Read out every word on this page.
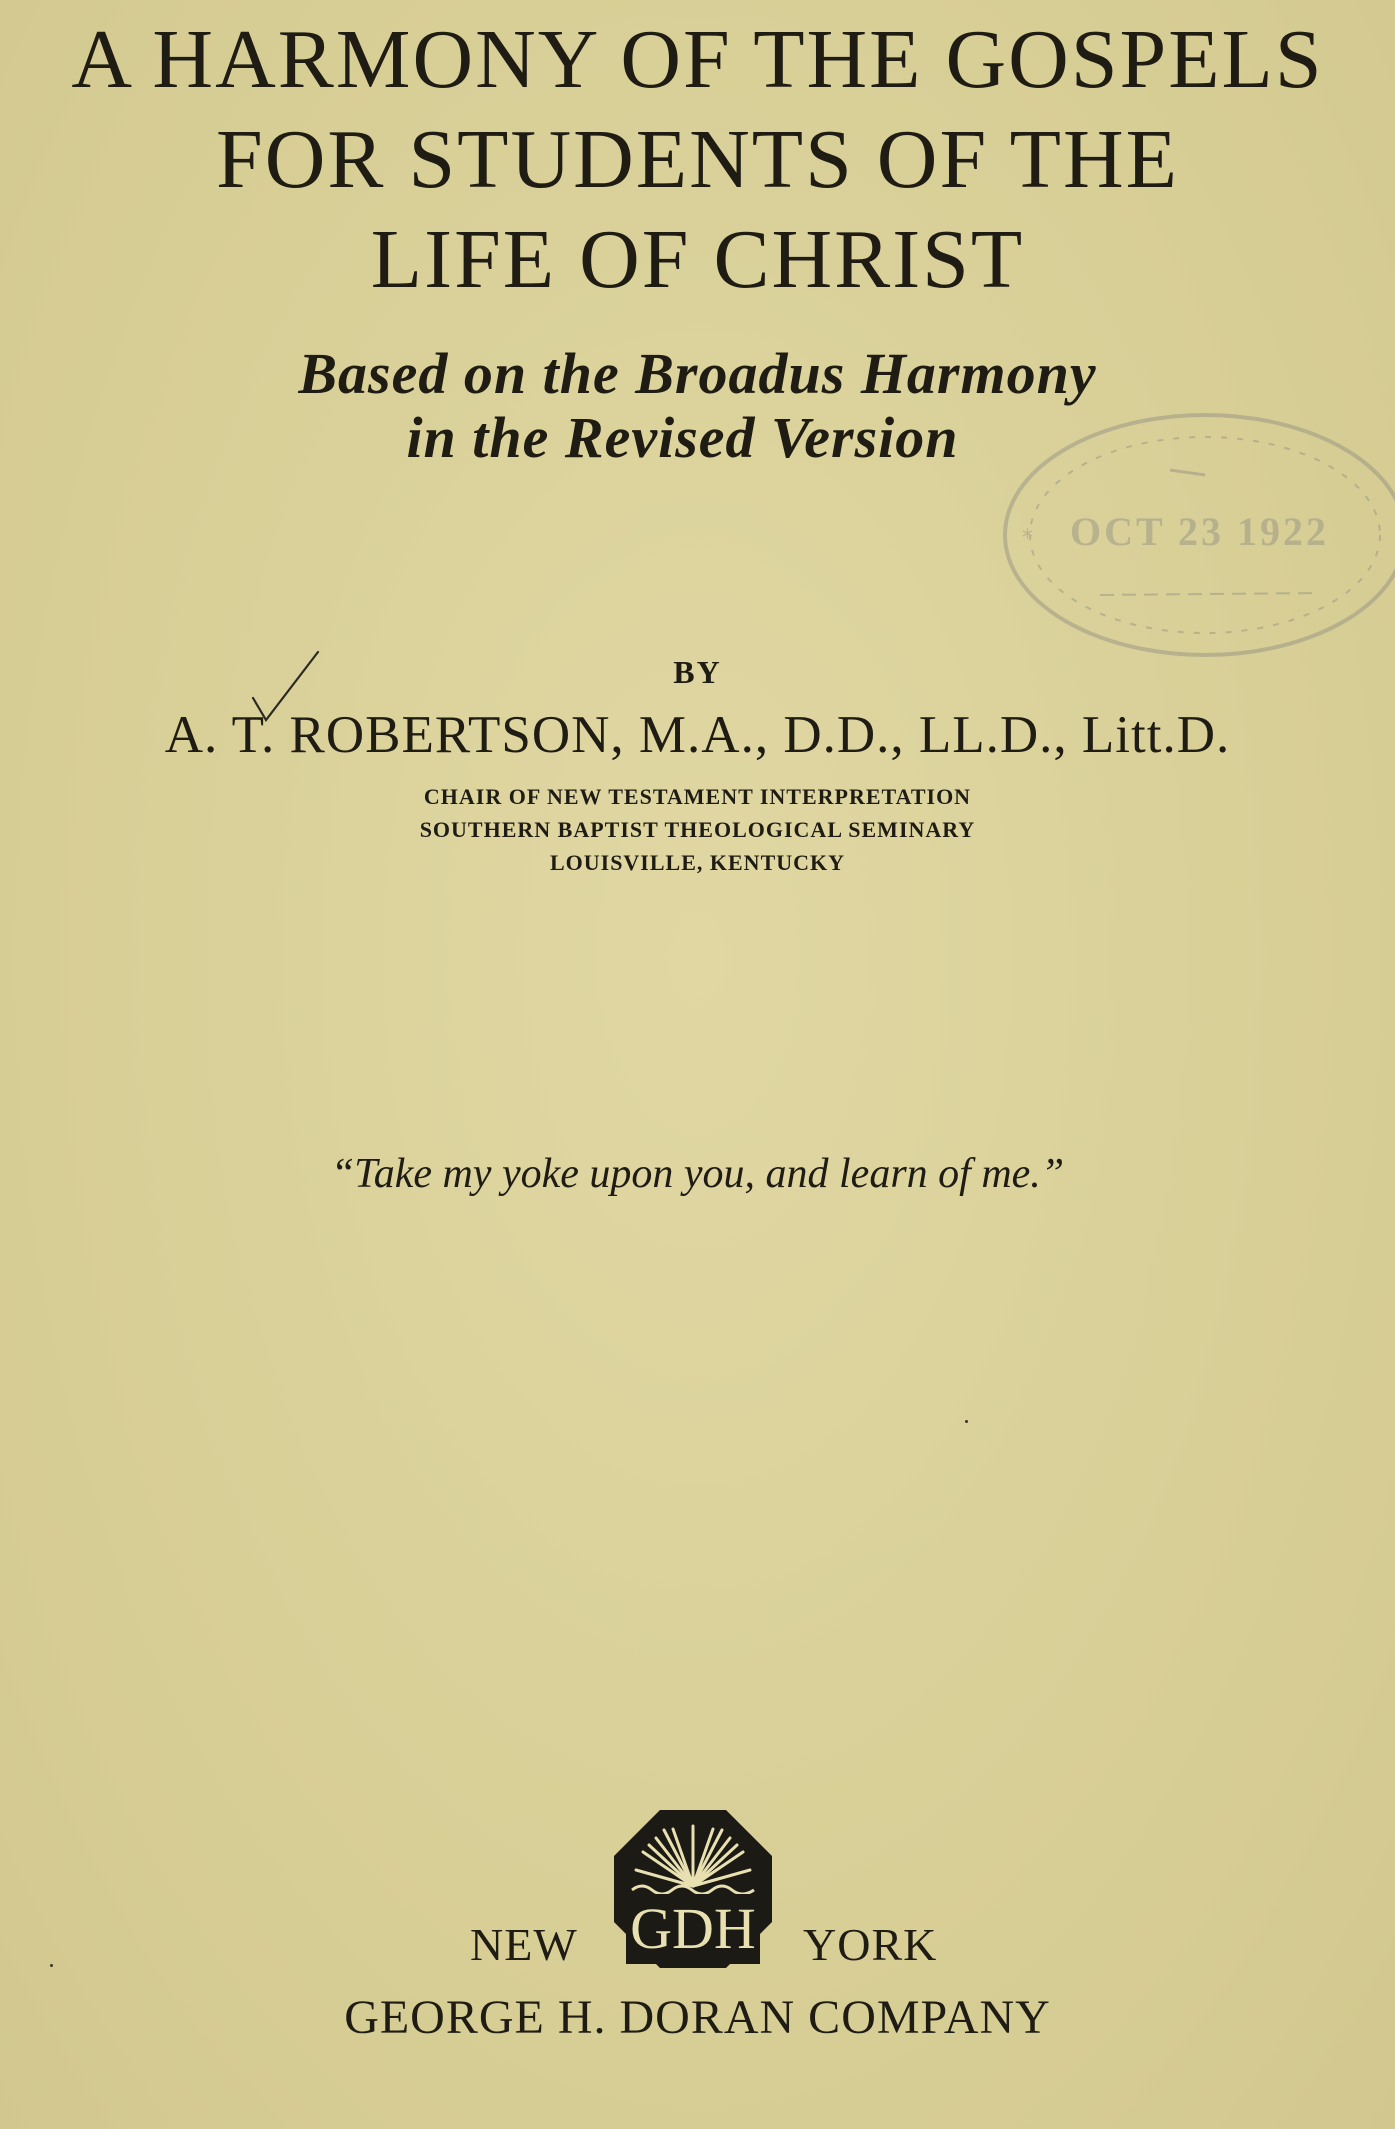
A HARMONY OF THE GOSPELS
FOR STUDENTS OF THE
LIFE OF CHRIST
Based on the Broadus Harmony
in the Revised Version
* OCT 23 1922
BY
A. T. ROBERTSON, M.A., D.D., LL.D., Litt.D.
CHAIR OF NEW TESTAMENT INTERPRETATION
SOUTHERN BAPTIST THEOLOGICAL SEMINARY
LOUISVILLE, KENTUCKY
“Take my yoke upon you, and learn of me.”
NEW GDH YORK
GEORGE H. DORAN COMPANY
